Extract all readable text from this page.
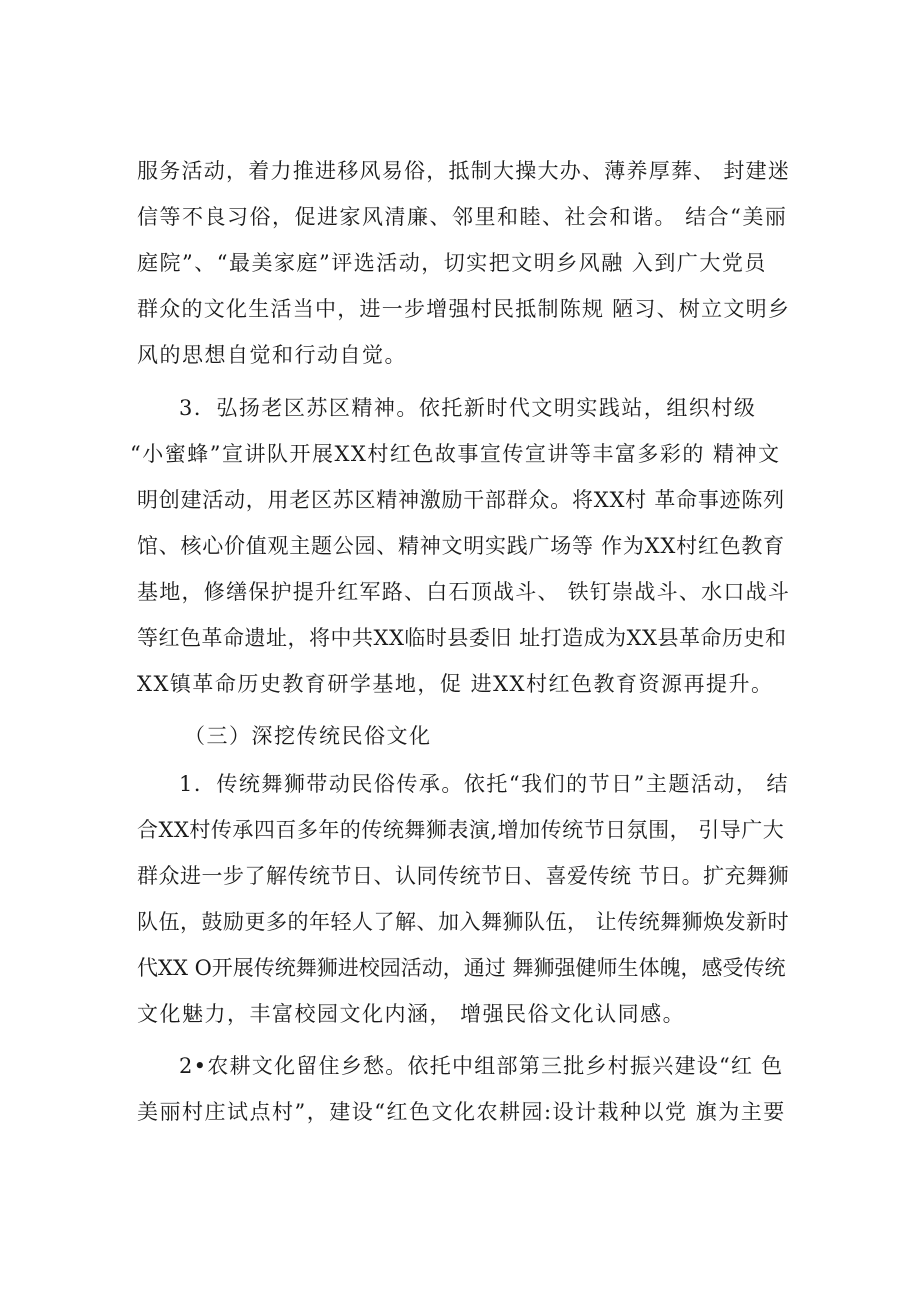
服务活动，着力推进移风易俗，抵制大操大办、薄养厚葬、 封建迷
信等不良习俗，促进家风清廉、邻里和睦、社会和谐。 结合“美丽
庭院”、“最美家庭”评选活动，切实把文明乡风融 入到广大党员
群众的文化生活当中，进一步增强村民抵制陈规 陋习、树立文明乡
风的思想自觉和行动自觉。
3．弘扬老区苏区精神。依托新时代文明实践站，组织村级
“小蜜蜂”宣讲队开展XX村红色故事宣传宣讲等丰富多彩的 精神文
明创建活动，用老区苏区精神激励干部群众。将XX村 革命事迹陈列
馆、核心价值观主题公园、精神文明实践广场等 作为XX村红色教育
基地，修缮保护提升红军路、白石顶战斗、 铁钉崇战斗、水口战斗
等红色革命遗址，将中共XX临时县委旧 址打造成为XX县革命历史和
XX镇革命历史教育研学基地，促 进XX村红色教育资源再提升。
（三）深挖传统民俗文化
1．传统舞狮带动民俗传承。依托“我们的节日”主题活动， 结
合XX村传承四百多年的传统舞狮表演,增加传统节日氛围， 引导广大
群众进一步了解传统节日、认同传统节日、喜爱传统 节日。扩充舞狮
队伍，鼓励更多的年轻人了解、加入舞狮队伍， 让传统舞狮焕发新时
代XX O开展传统舞狮进校园活动，通过 舞狮强健师生体魄，感受传统
文化魅力，丰富校园文化内涵， 增强民俗文化认同感。
2•农耕文化留住乡愁。依托中组部第三批乡村振兴建设“红 色
美丽村庄试点村”，建设“红色文化农耕园:设计栽种以党 旗为主要
